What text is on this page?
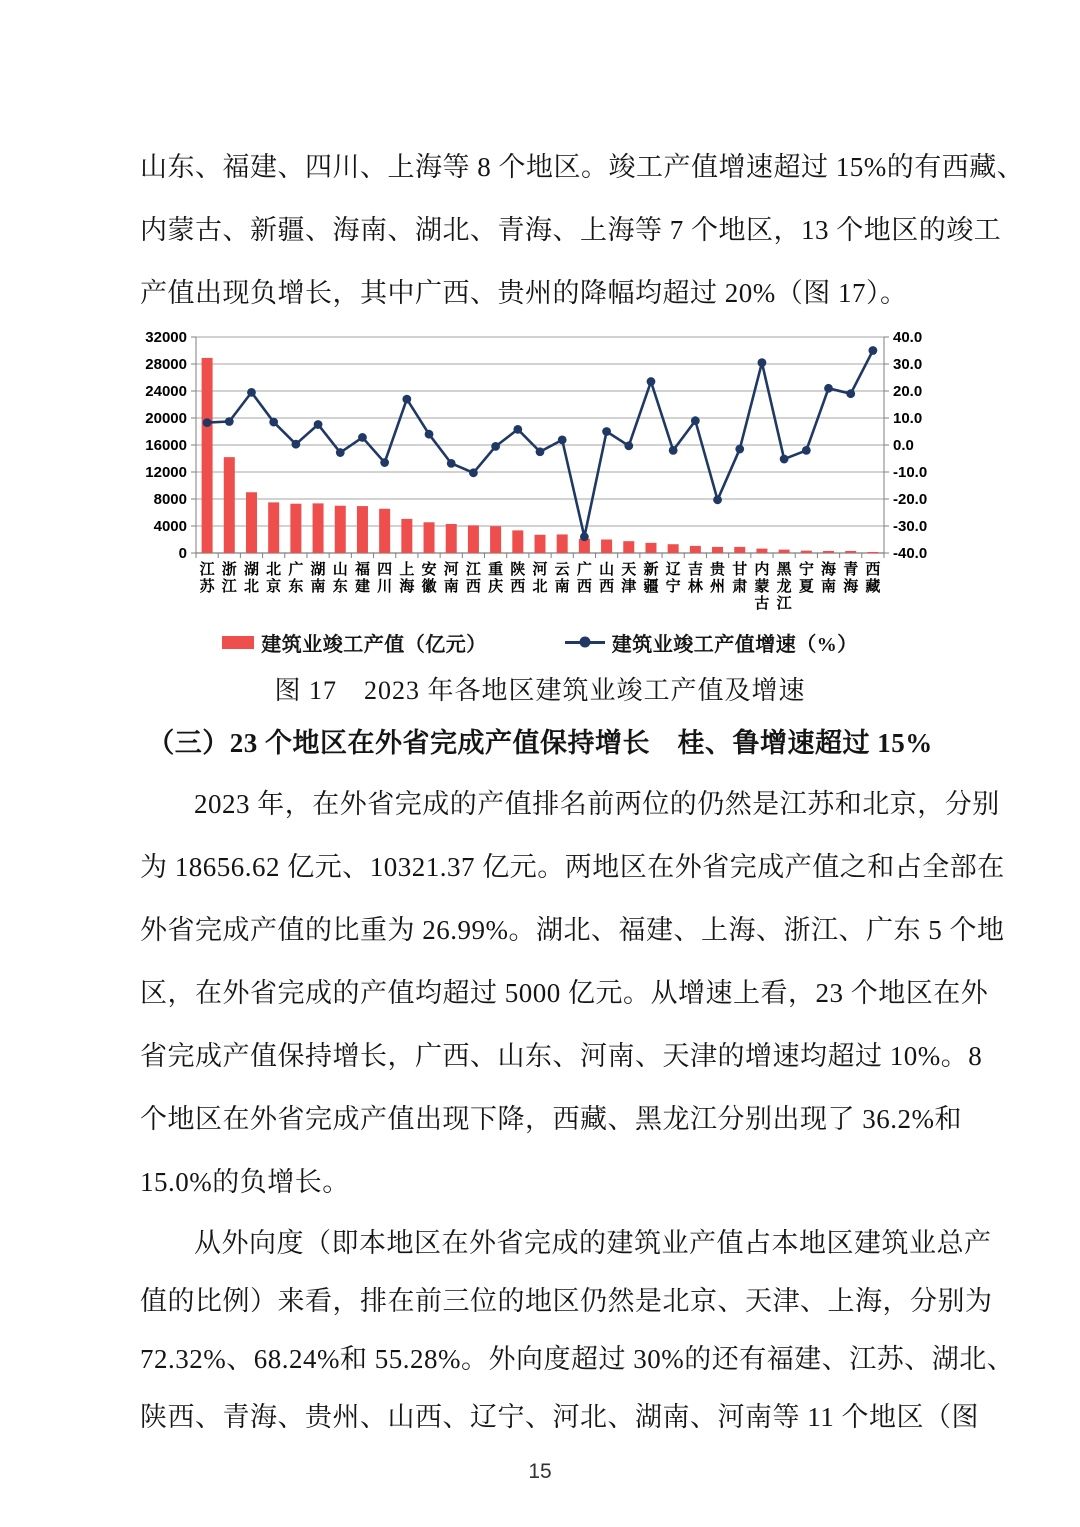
山东、福建、四川、上海等 8 个地区。竣工产值增速超过 15%的有西藏、
内蒙古、新疆、海南、湖北、青海、上海等 7 个地区，13 个地区的竣工
产值出现负增长，其中广西、贵州的降幅均超过 20%（图 17）。
0
4000
8000
12000
16000
20000
24000
28000
32000
-40.0
-30.0
-20.0
-10.0
0.0
10.0
20.0
30.0
40.0
江
苏
浙
江
湖
北
北
京
广
东
湖
南
山
东
福
建
四
川
上
海
安
徽
河
南
江
西
重
庆
陕
西
河
北
云
南
广
西
山
西
天
津
新
疆
辽
宁
吉
林
贵
州
甘
肃
内
蒙
古
黑
龙
江
宁
夏
海
南
青
海
西
藏
建筑业竣工产值（亿元）	建筑业竣工产值增速（%）
图 17　2023 年各地区建筑业竣工产值及增速
（三）23 个地区在外省完成产值保持增长　桂、鲁增速超过 15%
2023 年，在外省完成的产值排名前两位的仍然是江苏和北京，分别
为 18656.62 亿元、10321.37 亿元。两地区在外省完成产值之和占全部在
外省完成产值的比重为 26.99%。湖北、福建、上海、浙江、广东 5 个地
区，在外省完成的产值均超过 5000 亿元。从增速上看，23 个地区在外
省完成产值保持增长，广西、山东、河南、天津的增速均超过 10%。8
个地区在外省完成产值出现下降，西藏、黑龙江分别出现了 36.2%和
15.0%的负增长。
从外向度（即本地区在外省完成的建筑业产值占本地区建筑业总产
值的比例）来看，排在前三位的地区仍然是北京、天津、上海，分别为
72.32%、68.24%和 55.28%。外向度超过 30%的还有福建、江苏、湖北、
陕西、青海、贵州、山西、辽宁、河北、湖南、河南等 11 个地区（图
15
